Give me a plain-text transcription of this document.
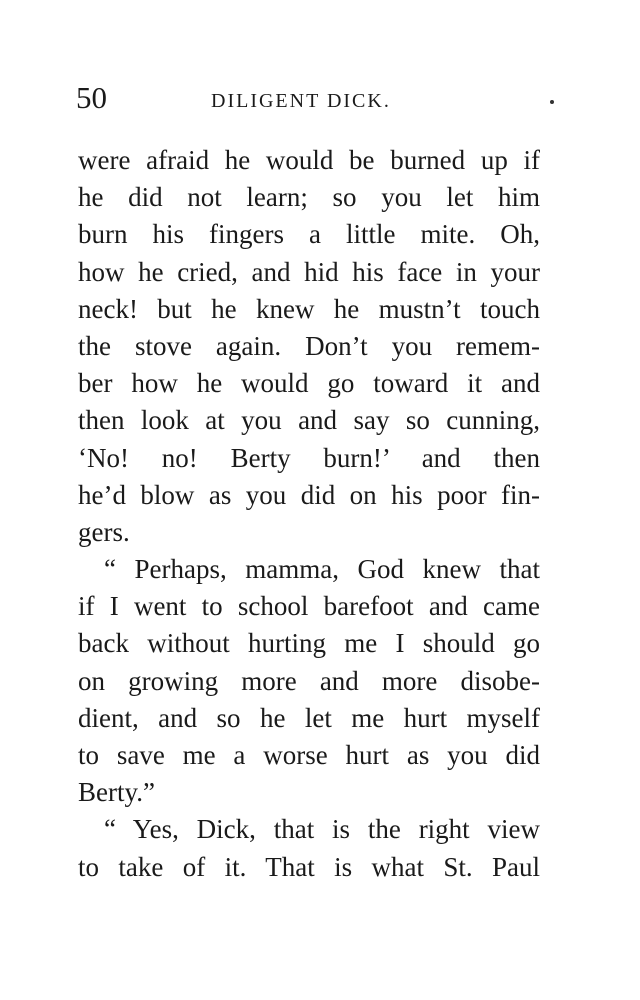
50	DILIGENT DICK.
were afraid he would be burned up if
he did not learn; so you let him
burn his fingers a little mite. Oh,
how he cried, and hid his face in your
neck! but he knew he mustn’t touch
the stove again. Don’t you remem-
ber how he would go toward it and
then look at you and say so cunning,
‘No! no! Berty burn!’ and then
he’d blow as you did on his poor fin-
gers.
“ Perhaps, mamma, God knew that
if I went to school barefoot and came
back without hurting me I should go
on growing more and more disobe-
dient, and so he let me hurt myself
to save me a worse hurt as you did
Berty.”
“ Yes, Dick, that is the right view
to take of it. That is what St. Paul
